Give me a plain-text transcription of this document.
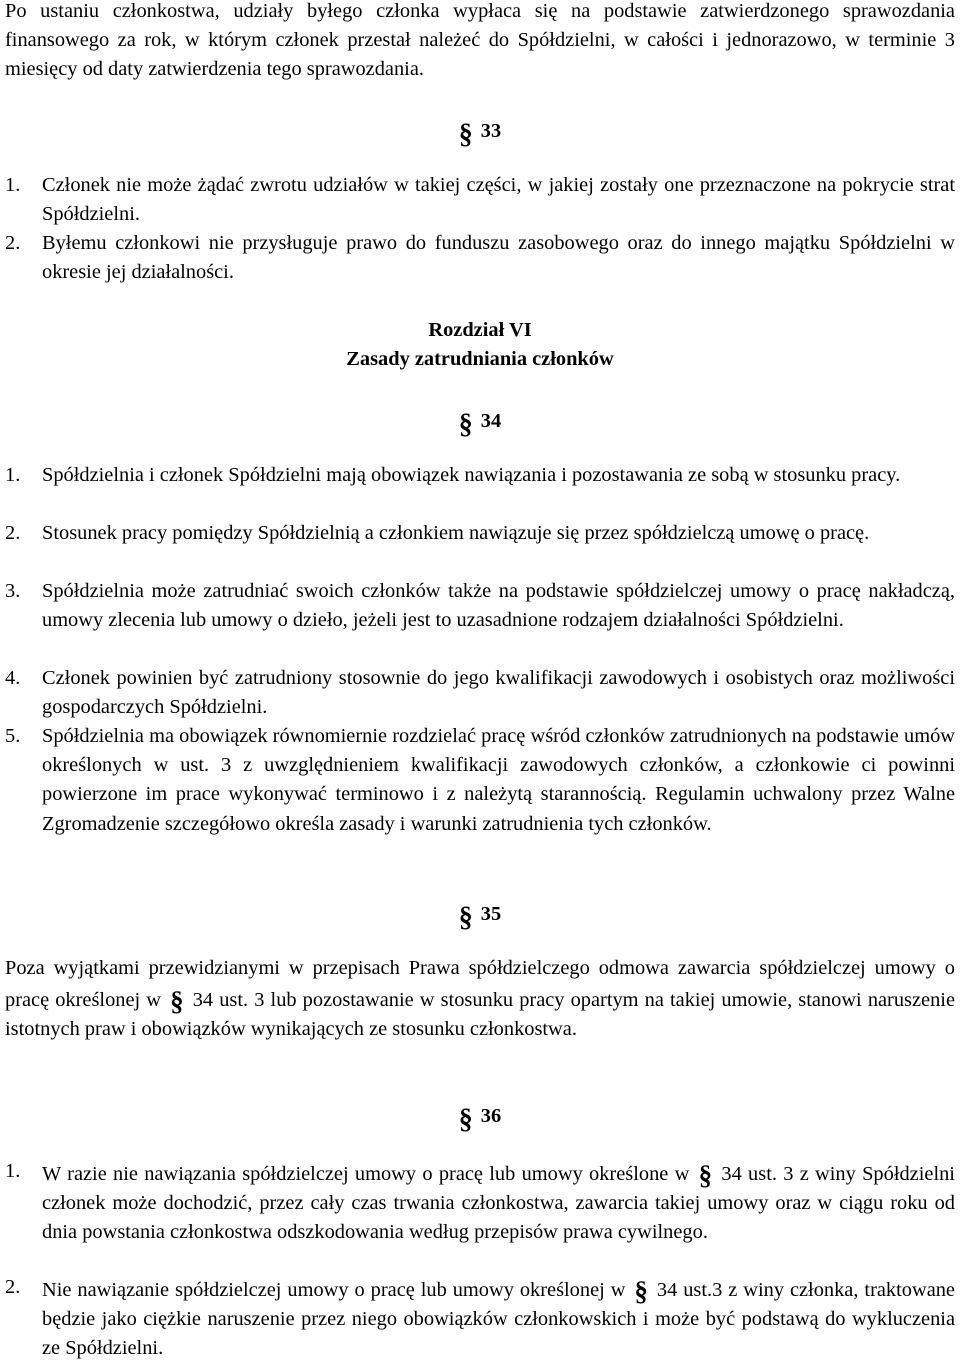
Po ustaniu członkostwa, udziały byłego członka wypłaca się na podstawie zatwierdzonego sprawozdania finansowego za rok, w którym członek przestał należeć do Spółdzielni, w całości i jednorazowo, w terminie 3 miesięcy od daty zatwierdzenia tego sprawozdania.

§ 33
1. Członek nie może żądać zwrotu udziałów w takiej części, w jakiej zostały one przeznaczone na pokrycie strat Spółdzielni.
2. Byłemu członkowi nie przysługuje prawo do funduszu zasobowego oraz do innego majątku Spółdzielni w okresie jej działalności.
Rozdział VI
Zasady zatrudniania członków
§ 34
1. Spółdzielnia i członek Spółdzielni mają obowiązek nawiązania i pozostawania ze sobą w stosunku pracy.
2. Stosunek pracy pomiędzy Spółdzielnią a członkiem nawiązuje się przez spółdzielczą umowę o pracę.
3. Spółdzielnia może zatrudniać swoich członków także na podstawie spółdzielczej umowy o pracę nakładczą, umowy zlecenia lub umowy o dzieło, jeżeli jest to uzasadnione rodzajem działalności Spółdzielni.
4. Członek powinien być zatrudniony stosownie do jego kwalifikacji zawodowych i osobistych oraz możliwości gospodarczych Spółdzielni.
5. Spółdzielnia ma obowiązek równomiernie rozdzielać pracę wśród członków zatrudnionych na podstawie umów określonych w ust. 3 z uwzględnieniem kwalifikacji zawodowych członków, a członkowie ci powinni powierzone im prace wykonywać terminowo i z należytą starannością. Regulamin uchwalony przez Walne Zgromadzenie szczegółowo określa zasady i warunki zatrudnienia tych członków.
§ 35

Poza wyjątkami przewidzianymi w przepisach Prawa spółdzielczego odmowa zawarcia spółdzielczej umowy o pracę określonej w § 34 ust. 3 lub pozostawanie w stosunku pracy opartym na takiej umowie, stanowi naruszenie istotnych praw i obowiązków wynikających ze stosunku członkostwa.

§ 36
1. W razie nie nawiązania spółdzielczej umowy o pracę lub umowy określone w § 34 ust. 3 z winy Spółdzielni członek może dochodzić, przez cały czas trwania członkostwa, zawarcia takiej umowy oraz w ciągu roku od dnia powstania członkostwa odszkodowania według przepisów prawa cywilnego.
2. Nie nawiązanie spółdzielczej umowy o pracę lub umowy określonej w § 34 ust.3 z winy członka, traktowane będzie jako ciężkie naruszenie przez niego obowiązków członkowskich i może być podstawą do wykluczenia ze Spółdzielni.
